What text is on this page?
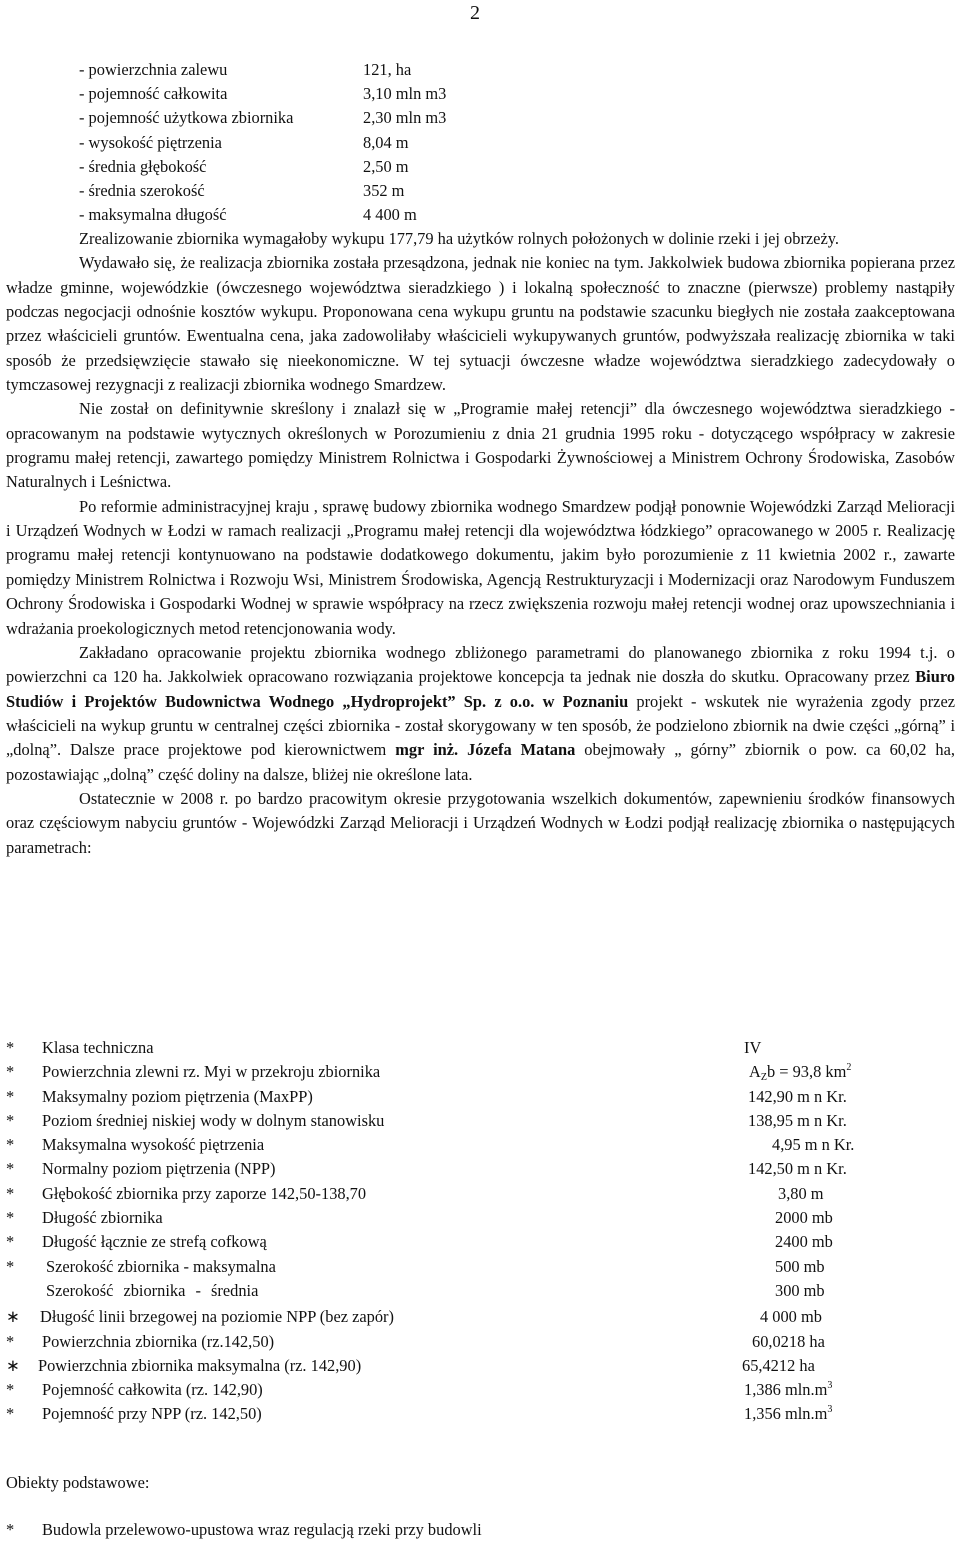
2
- powierzchnia zalewu	121, ha
- pojemność całkowita	3,10 mln m3
- pojemność użytkowa zbiornika	2,30 mln m3
- wysokość piętrzenia	8,04 m
- średnia głębokość	2,50 m
- średnia szerokość	352 m
- maksymalna długość	4 400 m

Zrealizowanie zbiornika wymagałoby wykupu 177,79 ha użytków rolnych położonych w dolinie rzeki i jej obrzeży.

Wydawało się, że realizacja zbiornika została przesądzona, jednak nie koniec na tym. Jakkolwiek budowa zbiornika popierana przez władze gminne, wojewódzkie (ówczesnego województwa sieradzkiego ) i lokalną społeczność to znaczne (pierwsze) problemy nastąpiły podczas negocjacji odnośnie kosztów wykupu. Proponowana cena wykupu gruntu na podstawie szacunku biegłych nie została zaakceptowana przez właścicieli gruntów. Ewentualna cena, jaka zadowoliłaby właścicieli wykupywanych gruntów, podwyższała realizację zbiornika w taki sposób że przedsięwzięcie stawało się nieekonomiczne. W tej sytuacji ówczesne władze województwa sieradzkiego zadecydowały o tymczasowej rezygnacji z realizacji zbiornika wodnego Smardzew.

Nie został on definitywnie skreślony i znalazł się w „Programie małej retencji” dla ówczesnego województwa sieradzkiego - opracowanym na podstawie wytycznych określonych w Porozumieniu z dnia 21 grudnia 1995 roku - dotyczącego współpracy w zakresie programu małej retencji, zawartego pomiędzy Ministrem Rolnictwa i Gospodarki Żywnościowej a Ministrem Ochrony Środowiska, Zasobów Naturalnych i Leśnictwa.

Po reformie administracyjnej kraju , sprawę budowy zbiornika wodnego Smardzew podjął ponownie Wojewódzki Zarząd Melioracji i Urządzeń Wodnych w Łodzi w ramach realizacji „Programu małej retencji dla województwa łódzkiego” opracowanego w 2005 r. Realizację programu małej retencji kontynuowano na podstawie dodatkowego dokumentu, jakim było porozumienie z 11 kwietnia 2002 r., zawarte pomiędzy Ministrem Rolnictwa i Rozwoju Wsi, Ministrem Środowiska, Agencją Restrukturyzacji i Modernizacji oraz Narodowym Funduszem Ochrony Środowiska i Gospodarki Wodnej w sprawie współpracy na rzecz zwiększenia rozwoju małej retencji wodnej oraz upowszechniania i wdrażania proekologicznych metod retencjonowania wody.

Zakładano opracowanie projektu zbiornika wodnego zbliżonego parametrami do planowanego zbiornika z roku 1994 t.j. o powierzchni ca 120 ha. Jakkolwiek opracowano rozwiązania projektowe koncepcja ta jednak nie doszła do skutku. Opracowany przez Biuro Studiów i Projektów Budownictwa Wodnego „Hydroprojekt” Sp. z o.o. w Poznaniu projekt - wskutek nie wyrażenia zgody przez właścicieli na wykup gruntu w centralnej części zbiornika - został skorygowany w ten sposób, że podzielono zbiornik na dwie części „górną” i „dolną”. Dalsze prace projektowe pod kierownictwem mgr inż. Józefa Matana obejmowały „ górny” zbiornik o pow. ca 60,02 ha, pozostawiając „dolną” część doliny na dalsze, bliżej nie określone lata.

Ostatecznie w 2008 r. po bardzo pracowitym okresie przygotowania wszelkich dokumentów, zapewnieniu środków finansowych oraz częściowym nabyciu gruntów - Wojewódzki Zarząd Melioracji i Urządzeń Wodnych w Łodzi podjął realizację zbiornika o następujących parametrach:

* Klasa techniczna	IV
* Powierzchnia zlewni rz. Myi w przekroju zbiornika	$A_Zb = 93,8$ $km^2$
* Maksymalny poziom piętrzenia (MaxPP)	142,90 m n Kr.
* Poziom średniej niskiej wody w dolnym stanowisku	138,95 m n Kr.
* Maksymalna wysokość piętrzenia	4,95 m n Kr.
* Normalny poziom piętrzenia (NPP)	142,50 m n Kr.
* Głębokość zbiornika przy zaporze 142,50-138,70	3,80 m
* Długość zbiornika	2000 mb
* Długość łącznie ze strefą cofkową	2400 mb
* Szerokość zbiornika - maksymalna	500 mb
Szerokość zbiornika - średnia	300 mb
∗ Długość linii brzegowej na poziomie NPP (bez zapór)	4 000 mb
* Powierzchnia zbiornika (rz.142,50)	60,0218 ha
∗ Powierzchnia zbiornika maksymalna (rz. 142,90)	65,4212 ha
* Pojemność całkowita (rz. 142,90)	1,386 $mln.m^3$
* Pojemność przy NPP (rz. 142,50)	1,356 $mln.m^3$
Obiekty podstawowe:
* Budowla przelewowo-upustowa wraz regulacją rzeki przy budowli
